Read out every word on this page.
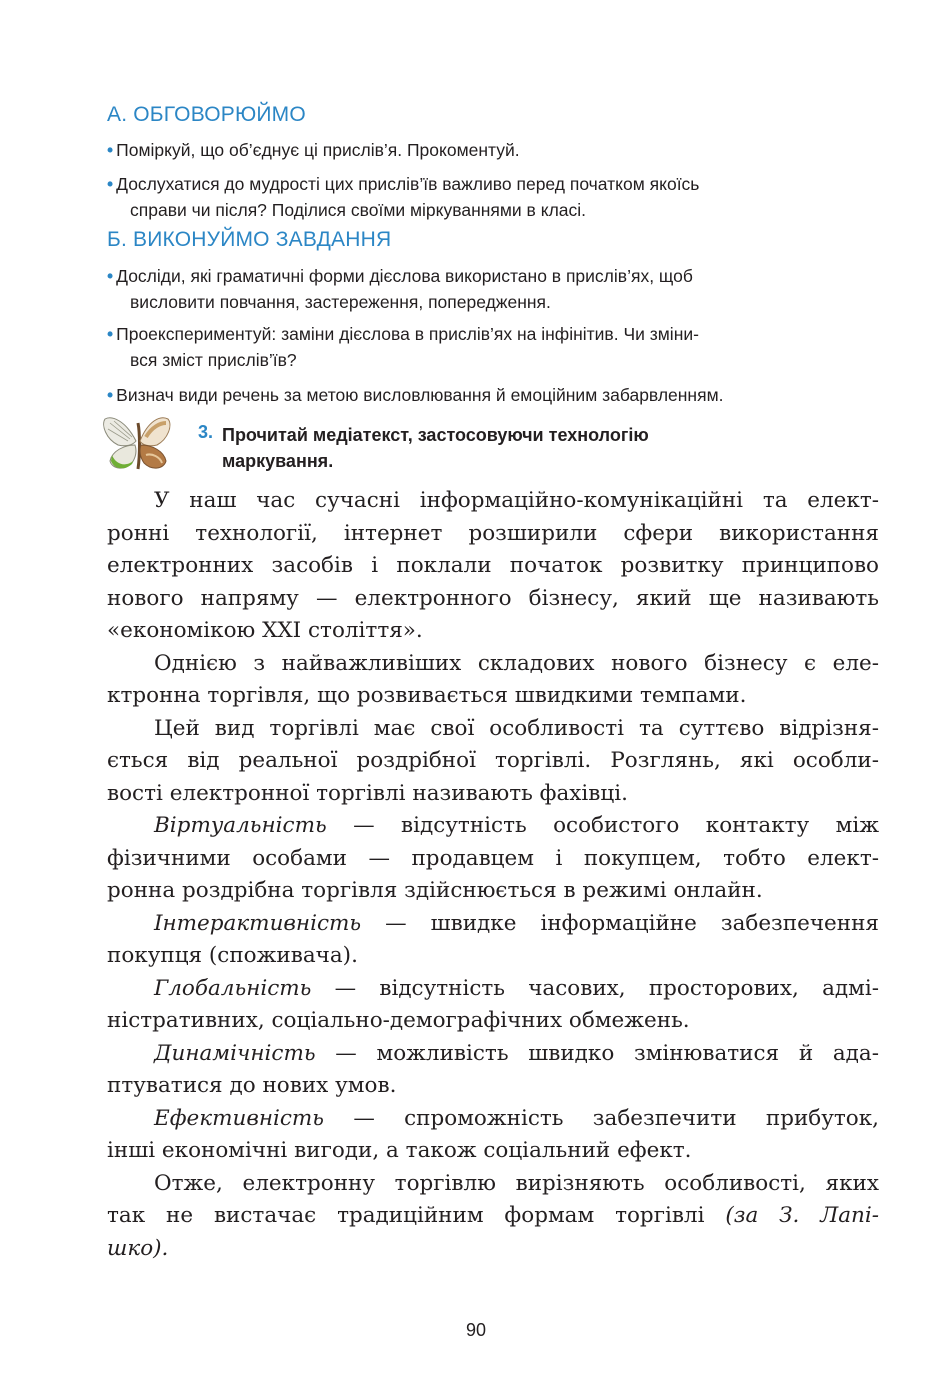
А. ОБГОВОРЮЙМО
• Поміркуй, що об’єднує ці прислів’я. Прокоментуй.
• Дослухатися до мудрості цих прислів’їв важливо перед початком якоїсь
справи чи після? Поділися своїми міркуваннями в класі.
Б. ВИКОНУЙМО ЗАВДАННЯ
• Досліди, які граматичні форми дієслова використано в прислів’ях, щоб
висловити повчання, застереження, попередження.
• Проекспериментуй: заміни дієслова в прислів’ях на інфінітив. Чи зміни-
вся зміст прислів’їв?
• Визнач види речень за метою висловлювання й емоційним забарвленням.
3. Прочитай медіатекст, застосовуючи технологію
маркування.

У наш час сучасні інформаційно-комунікаційні та елект-
ронні технології, інтернет розширили сфери використання
електронних засобів і поклали початок розвитку принципово
нового напряму — електронного бізнесу, який ще називають
«економікою XXI століття».

Однією з найважливіших складових нового бізнесу є еле-
ктронна торгівля, що розвивається швидкими темпами.

Цей вид торгівлі має свої особливості та суттєво відрізня-
ється від реальної роздрібної торгівлі. Розглянь, які особли-
вості електронної торгівлі називають фахівці.

Віртуальність — відсутність особистого контакту між
фізичними особами — продавцем і покупцем, тобто елект-
ронна роздрібна торгівля здійснюється в режимі онлайн.

Інтерактивність — швидке інформаційне забезпечення
покупця (споживача).

Глобальність — відсутність часових, просторових, адмі-
ністративних, соціально-демографічних обмежень.

Динамічність — можливість швидко змінюватися й ада-
птуватися до нових умов.

Ефективність — спроможність забезпечити прибуток,
інші економічні вигоди, а також соціальний ефект.

Отже, електронну торгівлю вирізняють особливості, яких
так не вистачає традиційним формам торгівлі (за З. Лапі-
шко).

90
